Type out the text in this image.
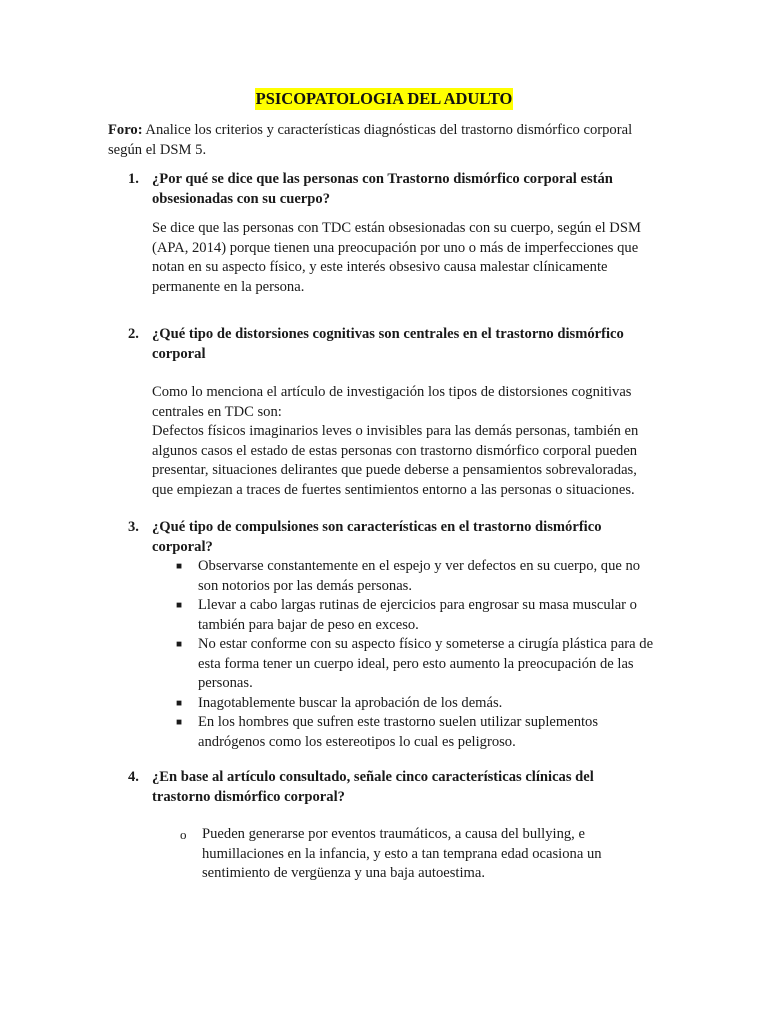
PSICOPATOLOGIA DEL ADULTO
Foro: Analice los criterios y características diagnósticas del trastorno dismórfico corporal según el DSM 5.
1. ¿Por qué se dice que las personas con Trastorno dismórfico corporal están obsesionadas con su cuerpo?
Se dice que las personas con TDC están obsesionadas con su cuerpo, según el DSM (APA, 2014) porque tienen una preocupación por uno o más de imperfecciones que notan en su aspecto físico, y este interés obsesivo causa malestar clínicamente permanente en la persona.
2. ¿Qué tipo de distorsiones cognitivas son centrales en el trastorno dismórfico corporal
Como lo menciona el artículo de investigación los tipos de distorsiones cognitivas centrales en TDC son:
Defectos físicos imaginarios leves o invisibles para las demás personas, también en algunos casos el estado de estas personas con trastorno dismórfico corporal pueden presentar, situaciones delirantes que puede deberse a pensamientos sobrevaloradas, que empiezan a traces de fuertes sentimientos entorno a las personas o situaciones.
3. ¿Qué tipo de compulsiones son características en el trastorno dismórfico corporal?
■ Observarse constantemente en el espejo y ver defectos en su cuerpo, que no son notorios por las demás personas.
■ Llevar a cabo largas rutinas de ejercicios para engrosar su masa muscular o también para bajar de peso en exceso.
■ No estar conforme con su aspecto físico y someterse a cirugía plástica para de esta forma tener un cuerpo ideal, pero esto aumento la preocupación de las personas.
■ Inagotablemente buscar la aprobación de los demás.
■ En los hombres que sufren este trastorno suelen utilizar suplementos andrógenos como los estereotipos lo cual es peligroso.
4. ¿En base al artículo consultado, señale cinco características clínicas del trastorno dismórfico corporal?
o Pueden generarse por eventos traumáticos, a causa del bullying, e humillaciones en la infancia, y esto a tan temprana edad ocasiona un sentimiento de vergüenza y una baja autoestima.
